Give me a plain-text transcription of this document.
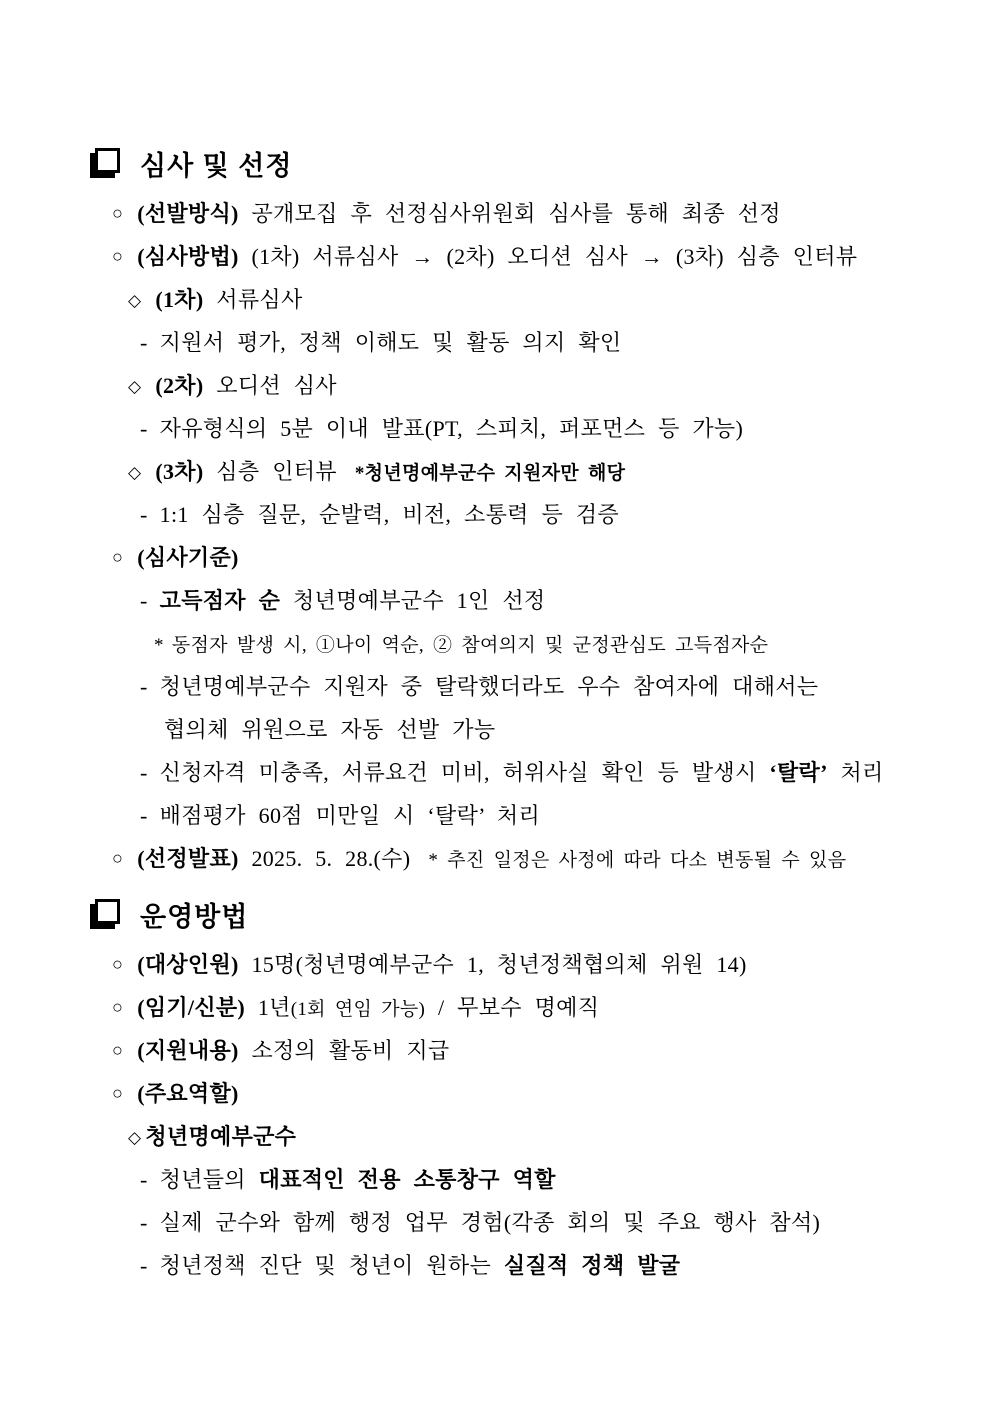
심사 및 선정
○ (선발방식) 공개모집 후 선정심사위원회 심사를 통해 최종 선정
○ (심사방법) (1차) 서류심사 → (2차) 오디션 심사 → (3차) 심층 인터뷰
◇ (1차) 서류심사
- 지원서 평가, 정책 이해도 및 활동 의지 확인
◇ (2차) 오디션 심사
- 자유형식의 5분 이내 발표(PT, 스피치, 퍼포먼스 등 가능)
◇ (3차) 심층 인터뷰 *청년명예부군수 지원자만 해당
- 1:1 심층 질문, 순발력, 비전, 소통력 등 검증
○ (심사기준)
- 고득점자 순 청년명예부군수 1인 선정
* 동점자 발생 시, ①나이 역순, ② 참여의지 및 군정관심도 고득점자순
- 청년명예부군수 지원자 중 탈락했더라도 우수 참여자에 대해서는
협의체 위원으로 자동 선발 가능
- 신청자격 미충족, 서류요건 미비, 허위사실 확인 등 발생시 ‘탈락’ 처리
- 배점평가 60점 미만일 시 ‘탈락’ 처리
○ (선정발표) 2025. 5. 28.(수) * 추진 일정은 사정에 따라 다소 변동될 수 있음
운영방법
○ (대상인원) 15명(청년명예부군수 1, 청년정책협의체 위원 14)
○ (임기/신분) 1년(1회 연임 가능) / 무보수 명예직
○ (지원내용) 소정의 활동비 지급
○ (주요역할)
◇ 청년명예부군수
- 청년들의 대표적인 전용 소통창구 역할
- 실제 군수와 함께 행정 업무 경험(각종 회의 및 주요 행사 참석)
- 청년정책 진단 및 청년이 원하는 실질적 정책 발굴
